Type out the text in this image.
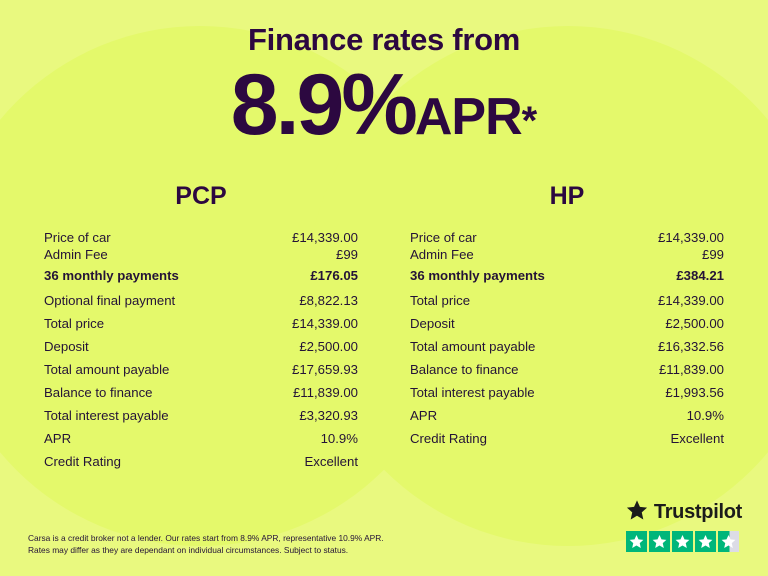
Finance rates from
8.9%APR*
PCP
Price of car	£14,339.00
Admin Fee	£99
36 monthly payments	£176.05
Optional final payment	£8,822.13
Total price	£14,339.00
Deposit	£2,500.00
Total amount payable	£17,659.93
Balance to finance	£11,839.00
Total interest payable	£3,320.93
APR	10.9%
Credit Rating	Excellent
HP
Price of car	£14,339.00
Admin Fee	£99
36 monthly payments	£384.21
Total price	£14,339.00
Deposit	£2,500.00
Total amount payable	£16,332.56
Balance to finance	£11,839.00
Total interest payable	£1,993.56
APR	10.9%
Credit Rating	Excellent
Carsa is a credit broker not a lender. Our rates start from 8.9% APR, representative 10.9% APR.
Rates may differ as they are dependant on individual circumstances. Subject to status.
Trustpilot
